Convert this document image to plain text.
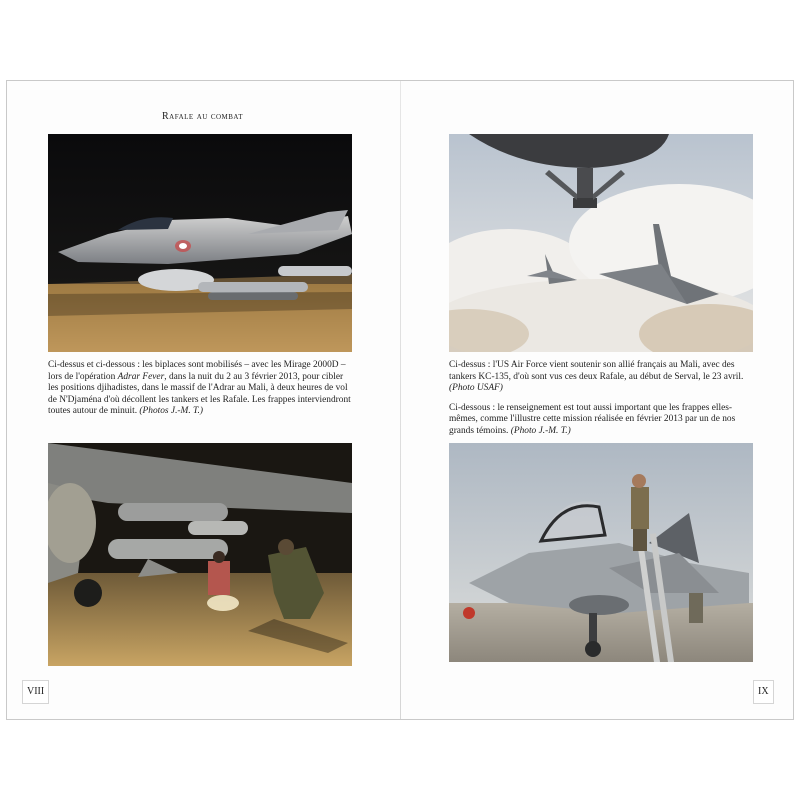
Rafale au combat

Ci-dessus et ci-dessous : les biplaces sont mobilisés – avec les Mirage 2000D – lors de l'opération Adrar Fever, dans la nuit du 2 au 3 février 2013, pour cibler les positions djihadistes, dans le massif de l'Adrar au Mali, à deux heures de vol de N'Djaména d'où décollent les tankers et les Rafale. Les frappes interviendront toutes autour de minuit. (Photos J.-M. T.)

Ci-dessus : l'US Air Force vient soutenir son allié français au Mali, avec des tankers KC-135, d'où sont vus ces deux Rafale, au début de Serval, le 23 avril. (Photo USAF)

Ci-dessous : le renseignement est tout aussi important que les frappes elles-mêmes, comme l'illustre cette mission réalisée en février 2013 par un de nos grands témoins. (Photo J.-M. T.)

VIII	IX
